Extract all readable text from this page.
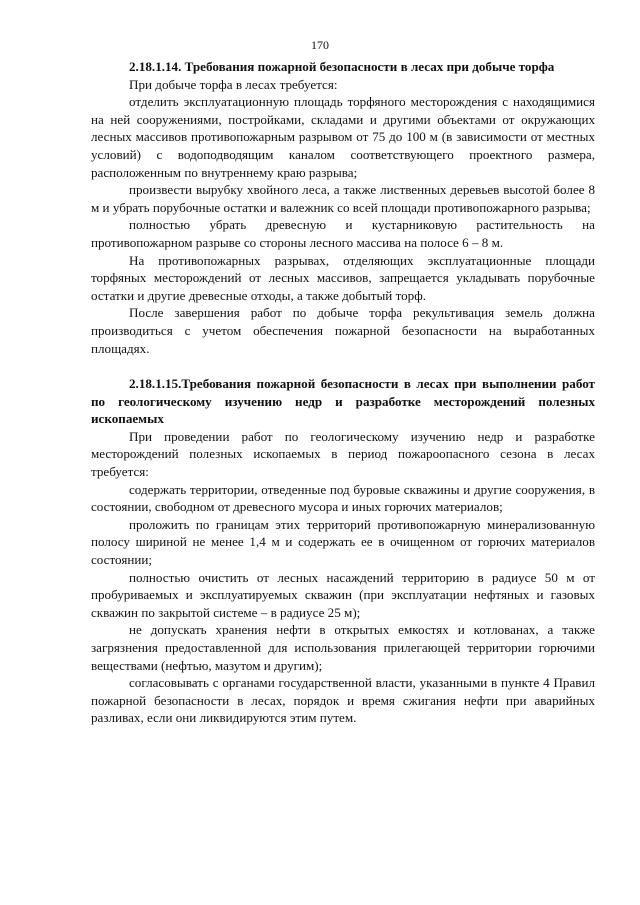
170

2.18.1.14. Требования пожарной безопасности в лесах при добыче торфа

При добыче торфа в лесах требуется:

отделить эксплуатационную площадь торфяного месторождения с находящимися на ней сооружениями, постройками, складами и другими объектами от окружающих лесных массивов противопожарным разрывом от 75 до 100 м (в зависимости от местных условий) с водоподводящим каналом соответствующего проектного размера, расположенным по внутреннему краю разрыва;

произвести вырубку хвойного леса, а также лиственных деревьев высотой более 8 м и убрать порубочные остатки и валежник со всей площади противопожарного разрыва;

полностью убрать древесную и кустарниковую растительность на противопожарном разрыве со стороны лесного массива на полосе 6 – 8 м.

На противопожарных разрывах, отделяющих эксплуатационные площади торфяных месторождений от лесных массивов, запрещается укладывать порубочные остатки и другие древесные отходы, а также добытый торф.

После завершения работ по добыче торфа рекультивация земель должна производиться с учетом обеспечения пожарной безопасности на выработанных площадях.

2.18.1.15.Требования пожарной безопасности в лесах при выполнении работ по геологическому изучению недр и разработке месторождений полезных ископаемых

При проведении работ по геологическому изучению недр и разработке месторождений полезных ископаемых в период пожароопасного сезона в лесах требуется:

содержать территории, отведенные под буровые скважины и другие сооружения, в состоянии, свободном от древесного мусора и иных горючих материалов;

проложить по границам этих территорий противопожарную минерализованную полосу шириной не менее 1,4 м и содержать ее в очищенном от горючих материалов состоянии;

полностью очистить от лесных насаждений территорию в радиусе 50 м от пробуриваемых и эксплуатируемых скважин (при эксплуатации нефтяных и газовых скважин по закрытой системе – в радиусе 25 м);

не допускать хранения нефти в открытых емкостях и котлованах, а также загрязнения предоставленной для использования прилегающей территории горючими веществами (нефтью, мазутом и другим);

согласовывать с органами государственной власти, указанными в пункте 4 Правил пожарной безопасности в лесах, порядок и время сжигания нефти при аварийных разливах, если они ликвидируются этим путем.
